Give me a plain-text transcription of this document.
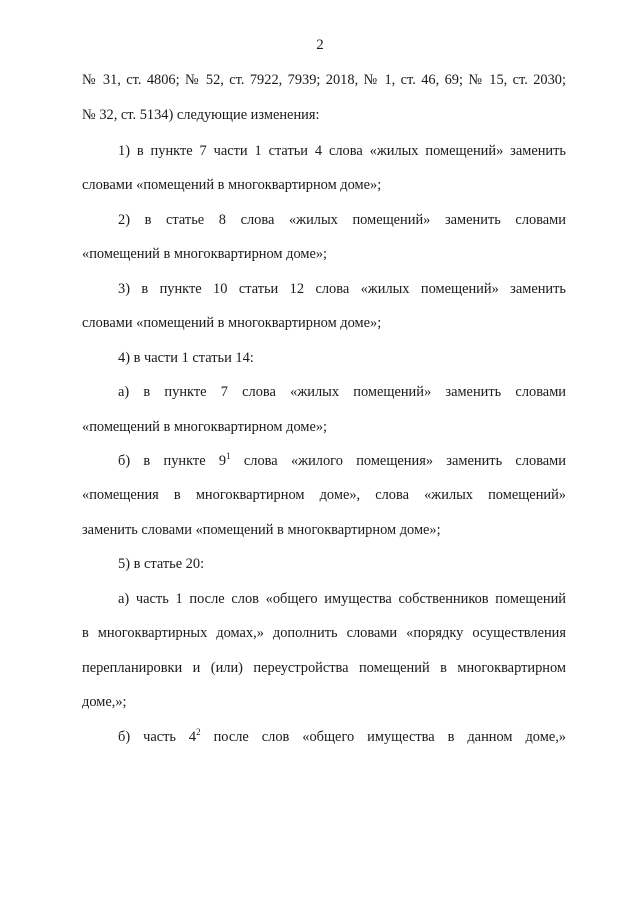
2
№ 31, ст. 4806; № 52, ст. 7922, 7939; 2018, № 1, ст. 46, 69; № 15, ст. 2030;
№ 32, ст. 5134) следующие изменения:
1) в пункте 7 части 1 статьи 4 слова «жилых помещений» заменить
словами «помещений в многоквартирном доме»;
2) в статье 8 слова «жилых помещений» заменить словами
«помещений в многоквартирном доме»;
3) в пункте 10 статьи 12 слова «жилых помещений» заменить
словами «помещений в многоквартирном доме»;
4) в части 1 статьи 14:
а) в пункте 7 слова «жилых помещений» заменить словами
«помещений в многоквартирном доме»;
б) в пункте $9^1$ слова «жилого помещения» заменить словами
«помещения в многоквартирном доме», слова «жилых помещений»
заменить словами «помещений в многоквартирном доме»;
5) в статье 20:
а) часть 1 после слов «общего имущества собственников помещений
в многоквартирных домах,» дополнить словами «порядку осуществления
перепланировки и (или) переустройства помещений в многоквартирном
доме,»;
б) часть $4^2$ после слов «общего имущества в данном доме,»
